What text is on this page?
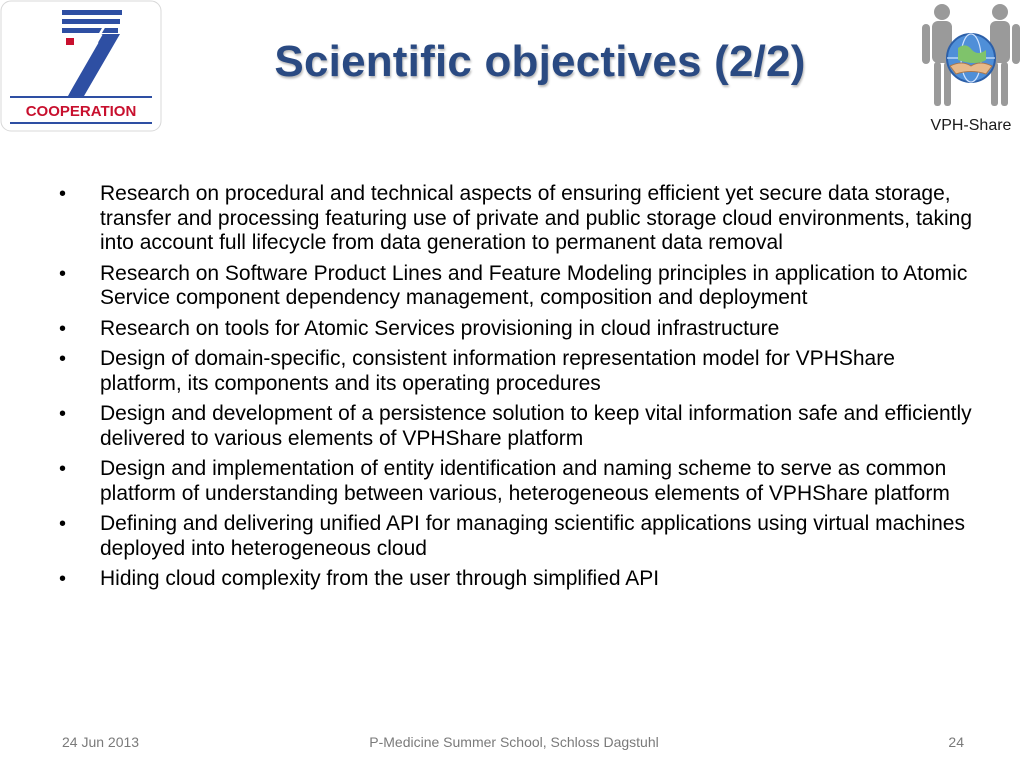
COOPERATION
Scientific objectives (2/2)
VPH-Share
• Research on procedural and technical aspects of ensuring efficient yet secure data storage, transfer and processing featuring use of private and public storage cloud environments, taking into account full lifecycle from data generation to permanent data removal
• Research on Software Product Lines and Feature Modeling principles in application to Atomic Service component dependency management, composition and deployment
• Research on tools for Atomic Services provisioning in cloud infrastructure
• Design of domain-specific, consistent information representation model for VPHShare platform, its components and its operating procedures
• Design and development of a persistence solution to keep vital information safe and efficiently delivered to various elements of VPHShare platform
• Design and implementation of entity identification and naming scheme to serve as common platform of understanding between various, heterogeneous elements of VPHShare platform
• Defining and delivering unified API for managing scientific applications using virtual machines deployed into heterogeneous cloud
• Hiding cloud complexity from the user through simplified API
24 Jun 2013	P-Medicine Summer School, Schloss Dagstuhl	24
